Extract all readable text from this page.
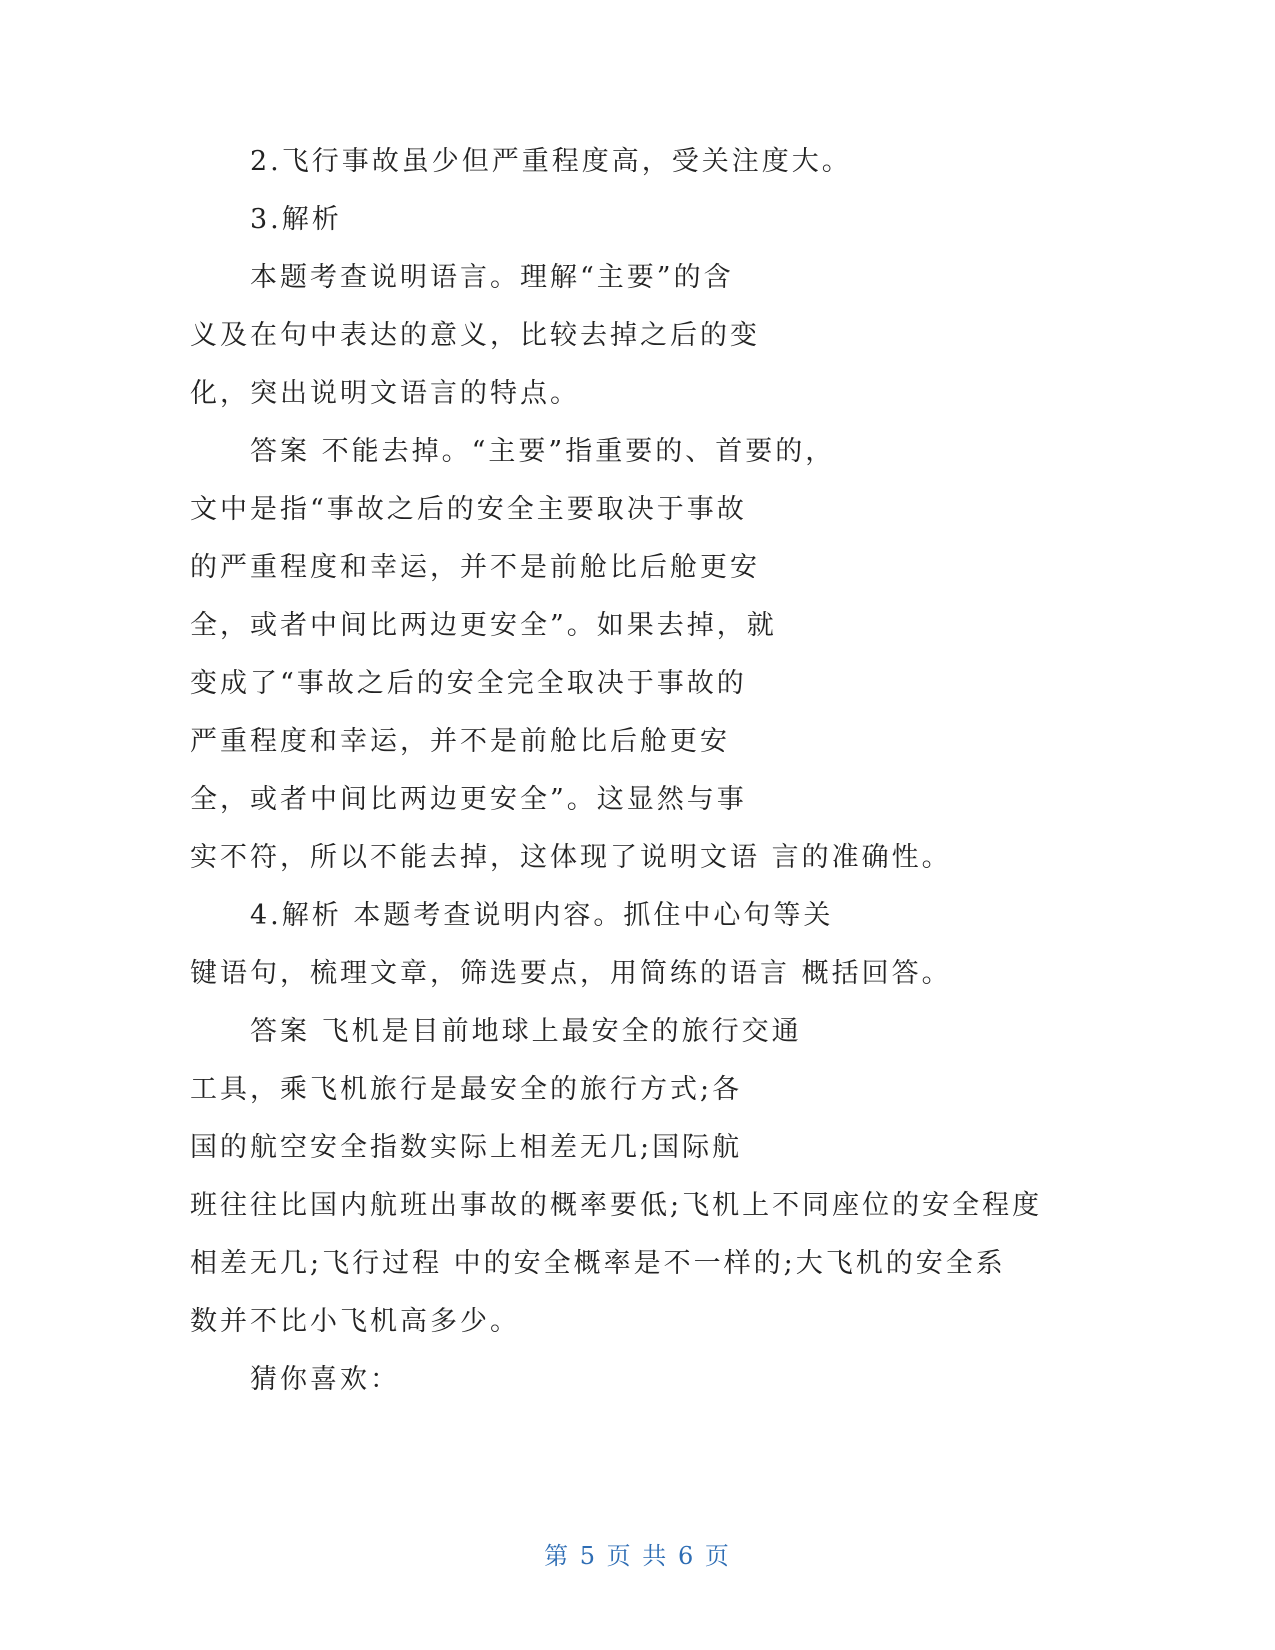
2.飞行事故虽少但严重程度高，受关注度大。
3.解析
本题考查说明语言。理解“主要”的含
义及在句中表达的意义，比较去掉之后的变
化，突出说明文语言的特点。
答案 不能去掉。“主要”指重要的、首要的，
文中是指“事故之后的安全主要取决于事故
的严重程度和幸运，并不是前舱比后舱更安
全，或者中间比两边更安全”。如果去掉，就
变成了“事故之后的安全完全取决于事故的
严重程度和幸运，并不是前舱比后舱更安
全，或者中间比两边更安全”。这显然与事
实不符，所以不能去掉，这体现了说明文语 言的准确性。
4.解析 本题考查说明内容。抓住中心句等关
键语句，梳理文章，筛选要点，用简练的语言 概括回答。
答案 飞机是目前地球上最安全的旅行交通
工具，乘飞机旅行是最安全的旅行方式;各
国的航空安全指数实际上相差无几;国际航
班往往比国内航班出事故的概率要低;飞机上不同座位的安全程度
相差无几;飞行过程 中的安全概率是不一样的;大飞机的安全系
数并不比小飞机高多少。
猜你喜欢：
第 5 页 共 6 页
